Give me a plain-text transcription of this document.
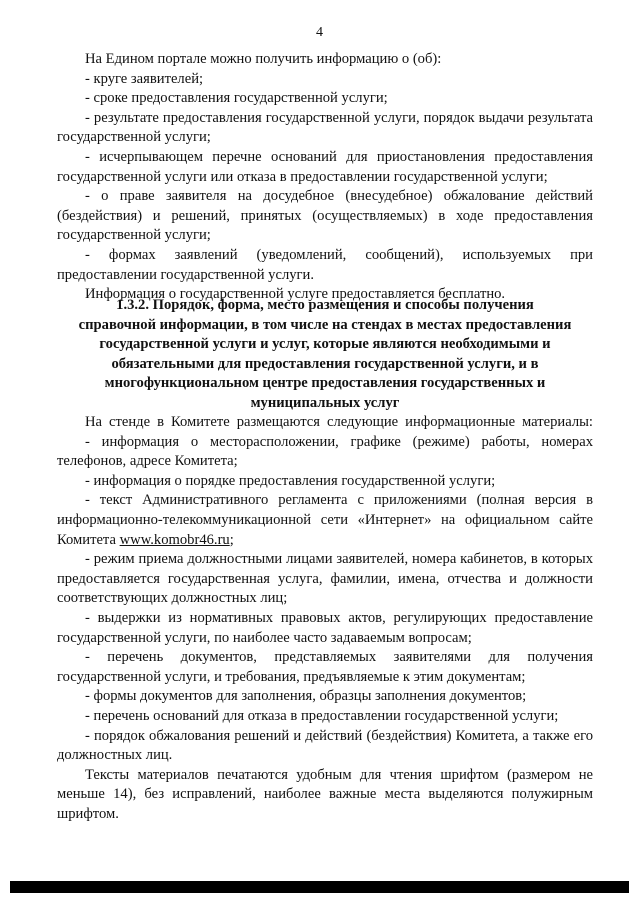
4

На Едином портале можно получить информацию о (об):

- круге заявителей;

- сроке предоставления государственной услуги;

- результате предоставления государственной услуги, порядок выдачи результата государственной услуги;

- исчерпывающем перечне оснований для приостановления предоставления государственной услуги или отказа в предоставлении государственной услуги;

- о праве заявителя на досудебное (внесудебное) обжалование действий (бездействия) и решений, принятых (осуществляемых) в ходе предоставления государственной услуги;

- формах заявлений (уведомлений, сообщений), используемых при предоставлении государственной услуги.

Информация о государственной услуге предоставляется бесплатно.

1.3.2. Порядок, форма, место размещения и способы получения
справочной информации, в том числе на стендах в местах предоставления
государственной услуги и услуг, которые являются необходимыми и
обязательными для предоставления государственной услуги, и в
многофункциональном центре предоставления государственных и
муниципальных услуг

На стенде в Комитете размещаются следующие информационные материалы:

- информация о месторасположении, графике (режиме) работы, номерах телефонов, адресе Комитета;

- информация о порядке предоставления государственной услуги;

- текст Административного регламента с приложениями (полная версия в информационно-телекоммуникационной сети «Интернет» на официальном сайте Комитета www.komobr46.ru;

- режим приема должностными лицами заявителей, номера кабинетов, в которых предоставляется государственная услуга, фамилии, имена, отчества и должности соответствующих должностных лиц;

- выдержки из нормативных правовых актов, регулирующих предоставление государственной услуги, по наиболее часто задаваемым вопросам;

- перечень документов, представляемых заявителями для получения государственной услуги, и требования, предъявляемые к этим документам;

- формы документов для заполнения, образцы заполнения документов;

- перечень оснований для отказа в предоставлении государственной услуги;

- порядок обжалования решений и действий (бездействия) Комитета, а также его должностных лиц.

Тексты материалов печатаются удобным для чтения шрифтом (размером не меньше 14), без исправлений, наиболее важные места выделяются полужирным шрифтом.
